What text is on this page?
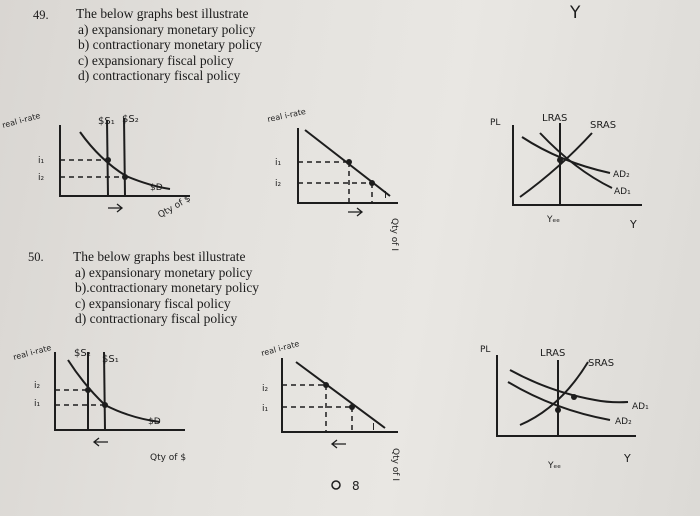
49. The below graphs best illustrate
a) expansionary monetary policy
b) contractionary monetary policy
c) expansionary fiscal policy
d) contractionary fiscal policy
50. The below graphs best illustrate
a) expansionary monetary policy
b).contractionary monetary policy
c) expansionary fiscal policy
d) contractionary fiscal policy
Y
real i-rate	$S₁ $S₂
$D
i₁
i₂
Qty of $
real i-rate
I
i₁
i₂
Qty of I
PL	LRAS
SRAS
AD₂
AD₁
Yₑₑ	Y
real i-rate $S₂
$S₁
$D
i₂
i₁
Qty of $
real i-rate
I
i₂
i₁
Qty of I
PL	LRAS
SRAS
AD₁
AD₂
Yₑₑ
Y
8
